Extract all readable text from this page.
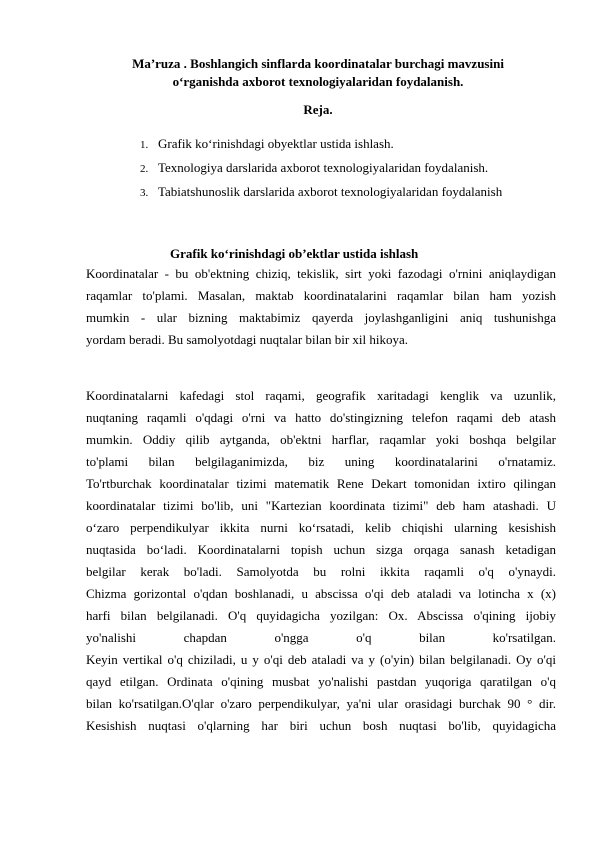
Ma’ruza . Boshlangich sinflarda koordinatalar burchagi mavzusini
o‘rganishda axborot texnologiyalaridan foydalanish.
Reja.
1. Grafik ko‘rinishdagi obyektlar ustida ishlash.
2. Texnologiya darslarida axborot texnologiyalaridan foydalanish.
3. Tabiatshunoslik darslarida axborot texnologiyalaridan foydalanish
Grafik ko‘rinishdagi ob’ektlar ustida ishlash
Koordinatalar - bu ob'ektning chiziq, tekislik, sirt yoki fazodagi o'rnini aniqlaydigan
raqamlar to'plami. Masalan, maktab koordinatalarini raqamlar bilan ham yozish
mumkin - ular bizning maktabimiz qayerda joylashganligini aniq tushunishga
yordam beradi. Bu samolyotdagi nuqtalar bilan bir xil hikoya.
Koordinatalarni kafedagi stol raqami, geografik xaritadagi kenglik va uzunlik,
nuqtaning raqamli o'qdagi o'rni va hatto do'stingizning telefon raqami deb atash
mumkin. Oddiy qilib aytganda, ob'ektni harflar, raqamlar yoki boshqa belgilar
to'plami bilan belgilaganimizda, biz uning koordinatalarini o'rnatamiz.
To'rtburchak koordinatalar tizimi matematik Rene Dekart tomonidan ixtiro qilingan
koordinatalar tizimi bo'lib, uni "Kartezian koordinata tizimi" deb ham atashadi. U
o‘zaro perpendikulyar ikkita nurni ko‘rsatadi, kelib chiqishi ularning kesishish
nuqtasida bo‘ladi. Koordinatalarni topish uchun sizga orqaga sanash ketadigan
belgilar kerak bo'ladi. Samolyotda bu rolni ikkita raqamli o'q o'ynaydi.
Chizma gorizontal o'qdan boshlanadi, u abscissa o'qi deb ataladi va lotincha x (x)
harfi bilan belgilanadi. O'q quyidagicha yozilgan: Ox. Abscissa o'qining ijobiy
yo'nalishi chapdan o'ngga o'q bilan ko'rsatilgan.
Keyin vertikal o'q chiziladi, u y o'qi deb ataladi va y (o'yin) bilan belgilanadi. Oy o'qi
qayd etilgan. Ordinata o'qining musbat yo'nalishi pastdan yuqoriga qaratilgan o'q
bilan ko'rsatilgan.O'qlar o'zaro perpendikulyar, ya'ni ular orasidagi burchak 90 ° dir.
Kesishish nuqtasi o'qlarning har biri uchun bosh nuqtasi bo'lib, quyidagicha
